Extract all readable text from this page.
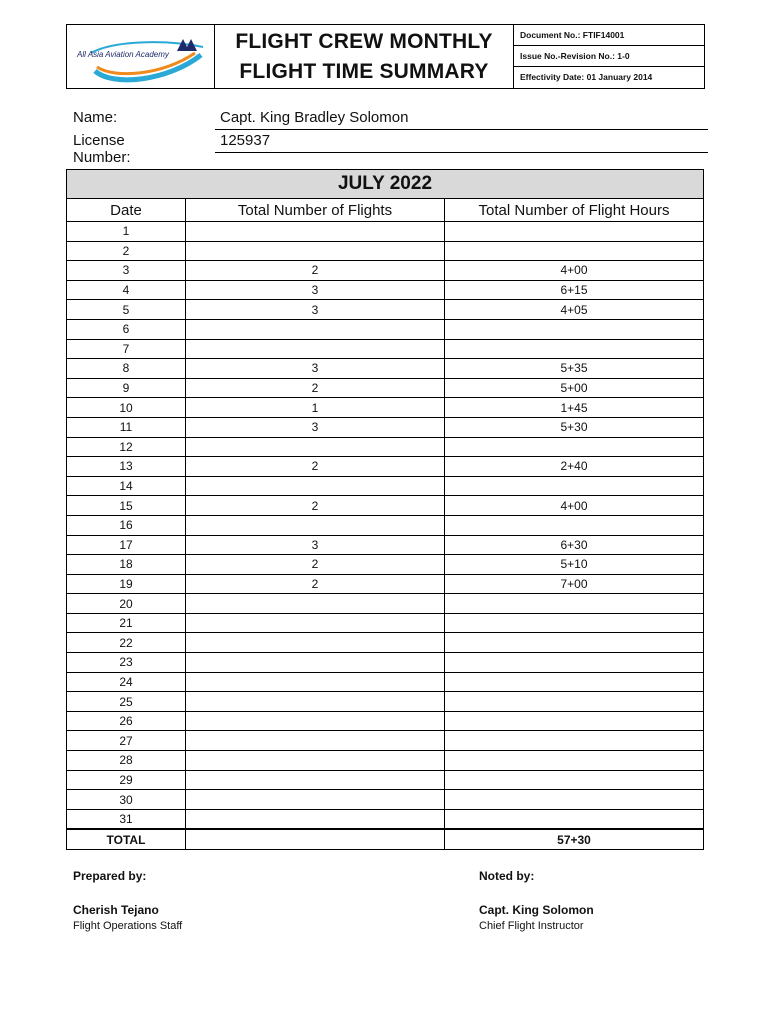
All Asia Aviation Academy

FLIGHT CREW MONTHLY
FLIGHT TIME SUMMARY

Document No.: FTIF14001
Issue No.-Revision No.: 1-0
Effectivity Date: 01 January 2014

Name:	Capt. King Bradley Solomon
License Number:
125937
JULY 2022		
Date	Total Number of Flights	Total Number of Flight Hours
1		
2		
3	2	4+00
4	3	6+15
5	3	4+05
6		
7		
8	3	5+35
9	2	5+00
10	1	1+45
11	3	5+30
12		
13	2	2+40
14		
15	2	4+00
16		
17	3	6+30
18	2	5+10
19	2	7+00
20		
21		
22		
23		
24		
25		
26		
27		
28		
29		
30		
31		
TOTAL		57+30
Prepared by:
Cherish Tejano
Flight Operations Staff
Noted by:
Capt. King Solomon
Chief Flight Instructor
